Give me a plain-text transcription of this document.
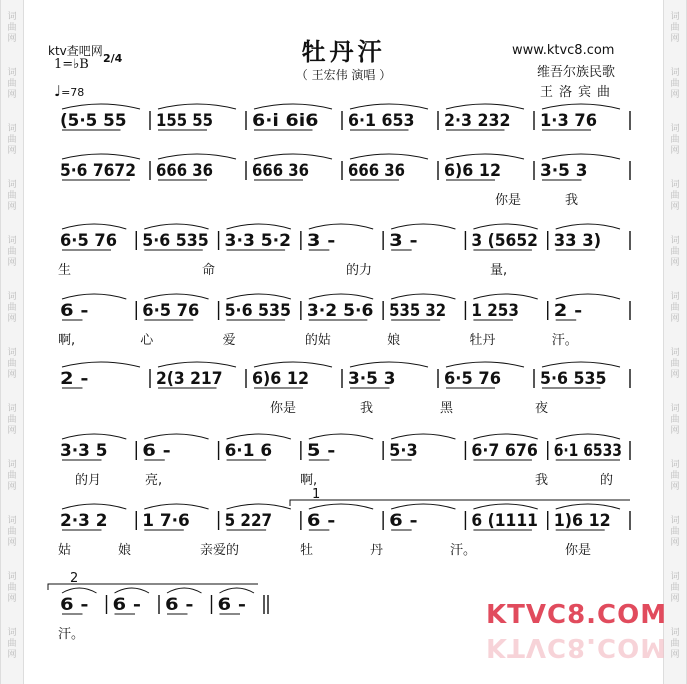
词
曲
网
词
曲
网
词
曲
网
词
曲
网
词
曲
网
词
曲
网
词
曲
网
词
曲
网
词
曲
网
词
曲
网
词
曲
网
词
曲
网
词
曲
网
词
曲
网
词
曲
网
词
曲
网
词
曲
网
词
曲
网
词
曲
网
词
曲
网
词
曲
网
词
曲
网
词
曲
网
词
曲
网
ktv查吧网	牡丹汗
（ 王宏伟 演唱 ）
www.ktvc8.com
维吾尔族民歌
王洛宾曲
1=♭B 2/4
♩=78
(5·5 55 155 55 6·i 6i6 6·1 653 2·3 232 1·3 76
5·6 7672 666 36 666 36 666 36 6)6 12 3·5 3
你是	我
6·5 76 5·6 535 3·3 5·2 3 -	3 -	3 (5652 33 3)
生	命	的力	量,
6 -	6·5 76 5·6 535 3·2 5·6 535 32 1 253 2 -
啊,	心	爱	的姑	娘	牡丹	汗。
2 -	2(3 217 6)6 12 3·5 3	6·5 76 5·6 535
你是	我	黑	夜
3·3 5 6 -	6·1 6 5 -	5·3	6·7 676 6·1 6533
的月	亮,	啊,	我	的
2·3 2 1 7·6 5 227 6 -	6 -	6 (1111 1)6 12
1
姑	娘	亲爱的	牡	丹	汗。	你是
6 - 6 - 6 - 6 -
2
汗。
KTVC8.COM
KTVC8.COM
